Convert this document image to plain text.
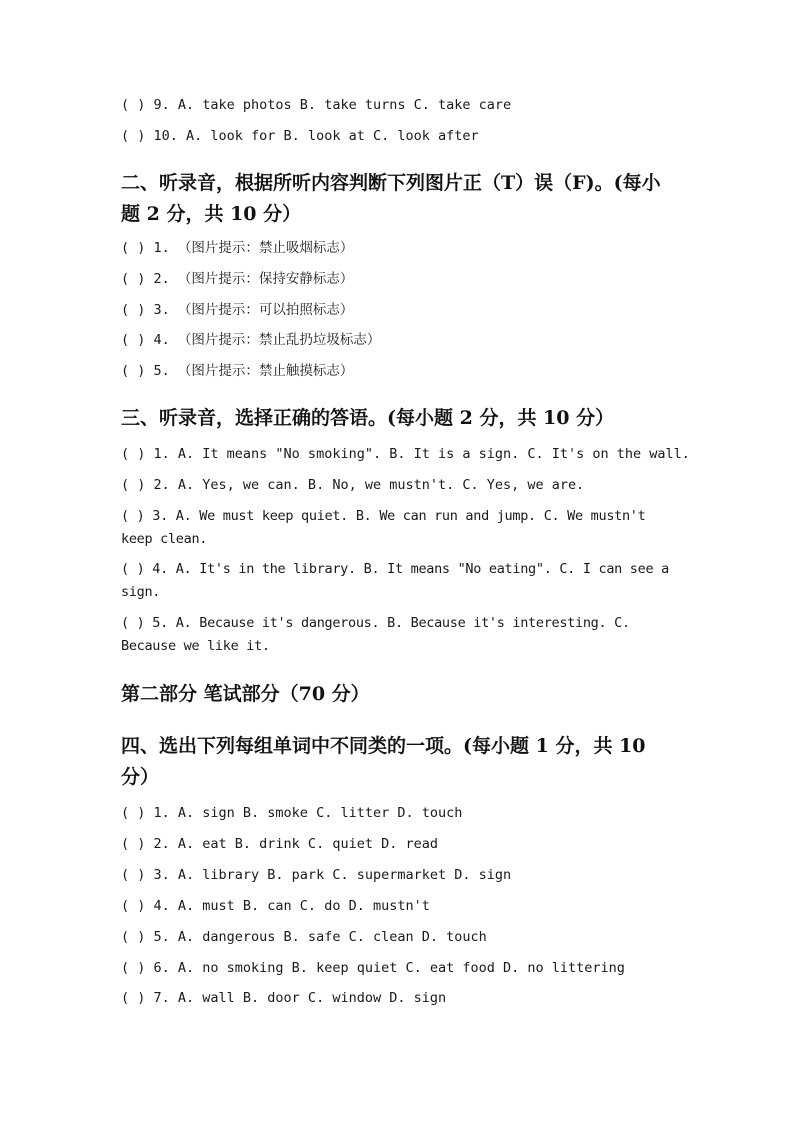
( ) 9. A. take photos B. take turns C. take care
( ) 10. A. look for B. look at C. look after
二、听录音，根据所听内容判断下列图片正（T）误（F)。(每小题 2 分，共 10 分）
( ) 1. （图片提示：禁止吸烟标志）
( ) 2. （图片提示：保持安静标志）
( ) 3. （图片提示：可以拍照标志）
( ) 4. （图片提示：禁止乱扔垃圾标志）
( ) 5. （图片提示：禁止触摸标志）
三、听录音，选择正确的答语。(每小题 2 分，共 10 分）
( ) 1. A. It means "No smoking". B. It is a sign. C. It's on the wall.
( ) 2. A. Yes, we can. B. No, we mustn't. C. Yes, we are.
( ) 3. A. We must keep quiet. B. We can run and jump. C. We mustn't keep clean.
( ) 4. A. It's in the library. B. It means "No eating". C. I can see a sign.
( ) 5. A. Because it's dangerous. B. Because it's interesting. C. Because we like it.
第二部分 笔试部分（70 分）
四、选出下列每组单词中不同类的一项。(每小题 1 分，共 10 分）
( ) 1. A. sign B. smoke C. litter D. touch
( ) 2. A. eat B. drink C. quiet D. read
( ) 3. A. library B. park C. supermarket D. sign
( ) 4. A. must B. can C. do D. mustn't
( ) 5. A. dangerous B. safe C. clean D. touch
( ) 6. A. no smoking B. keep quiet C. eat food D. no littering
( ) 7. A. wall B. door C. window D. sign
